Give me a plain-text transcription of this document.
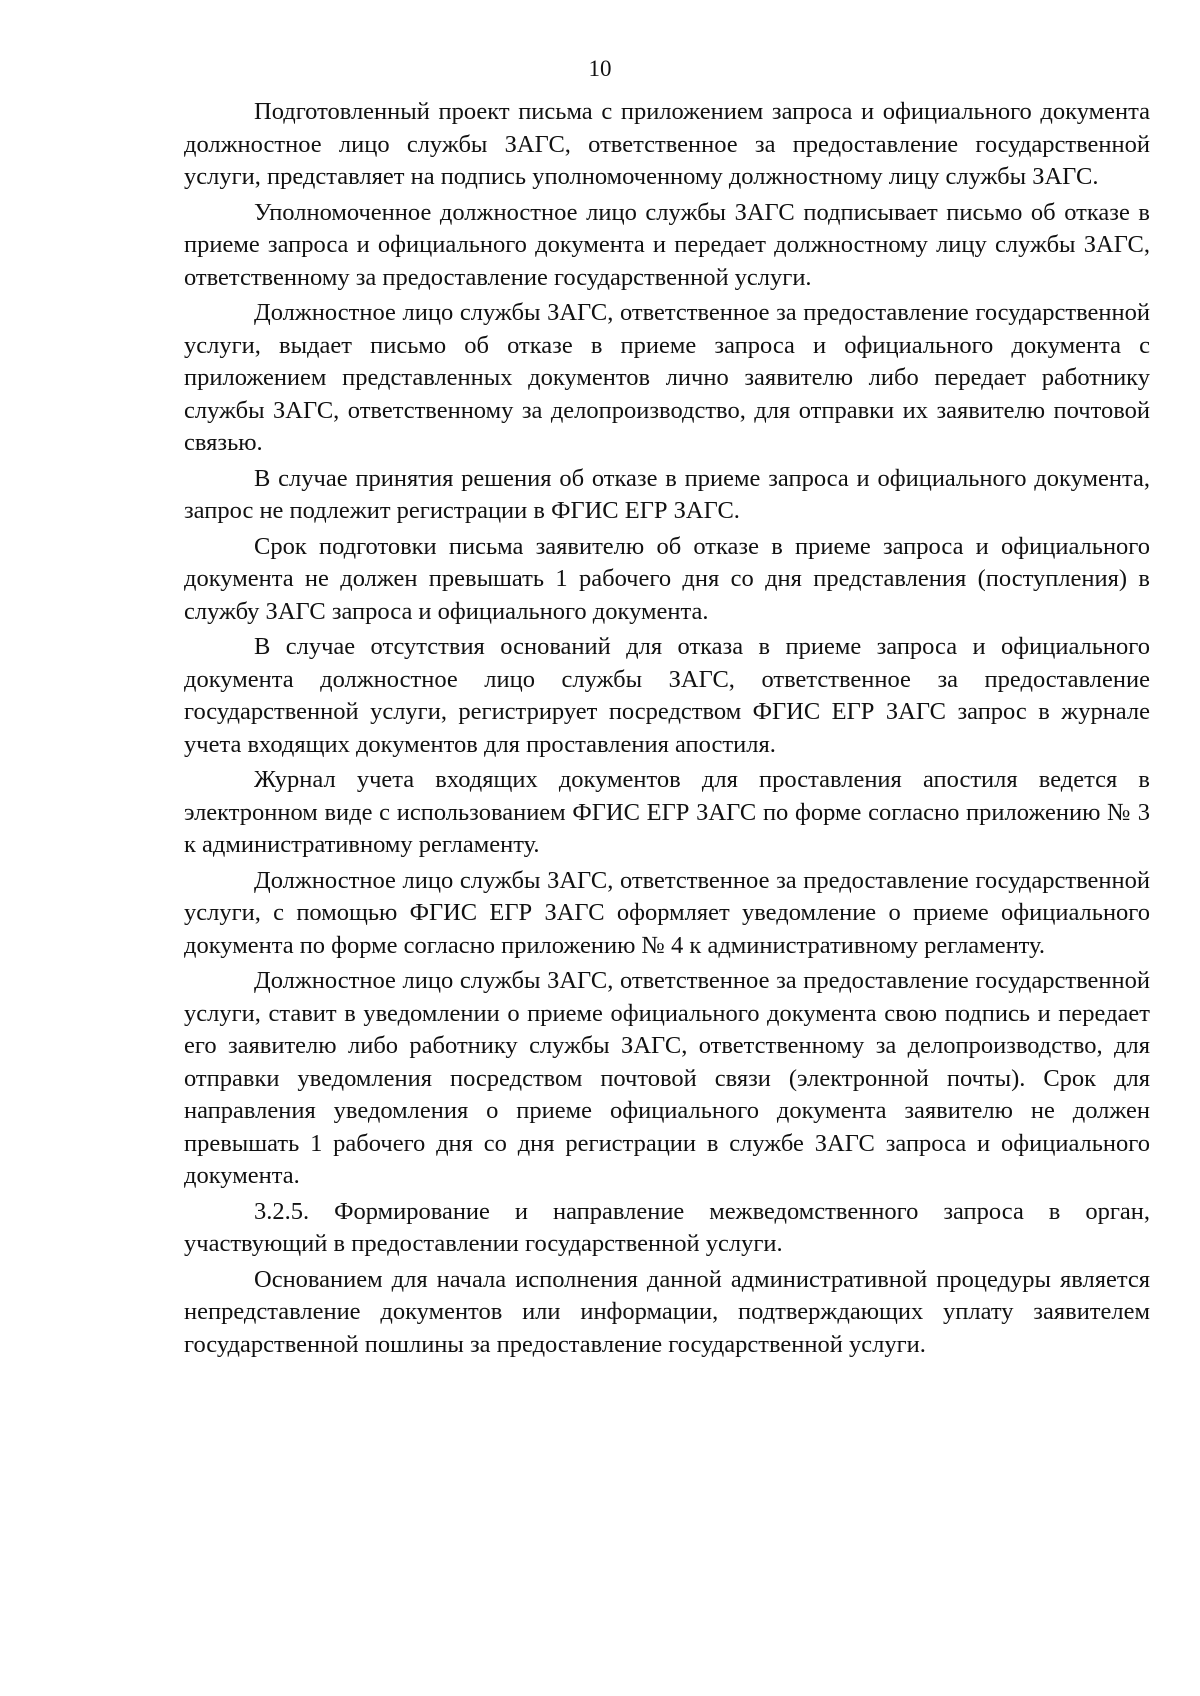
10

Подготовленный проект письма с приложением запроса и официального документа должностное лицо службы ЗАГС, ответственное за предоставление государственной услуги, представляет на подпись уполномоченному должностному лицу службы ЗАГС.

Уполномоченное должностное лицо службы ЗАГС подписывает письмо об отказе в приеме запроса и официального документа и передает должностному лицу службы ЗАГС, ответственному за предоставление государственной услуги.

Должностное лицо службы ЗАГС, ответственное за предоставление государственной услуги, выдает письмо об отказе в приеме запроса и официального документа с приложением представленных документов лично заявителю либо передает работнику службы ЗАГС, ответственному за делопроизводство, для отправки их заявителю почтовой связью.

В случае принятия решения об отказе в приеме запроса и официального документа, запрос не подлежит регистрации в ФГИС ЕГР ЗАГС.

Срок подготовки письма заявителю об отказе в приеме запроса и официального документа не должен превышать 1 рабочего дня со дня представления (поступления) в службу ЗАГС запроса и официального документа.

В случае отсутствия оснований для отказа в приеме запроса и официального документа должностное лицо службы ЗАГС, ответственное за предоставление государственной услуги, регистрирует посредством ФГИС ЕГР ЗАГС запрос в журнале учета входящих документов для проставления апостиля.

Журнал учета входящих документов для проставления апостиля ведется в электронном виде с использованием ФГИС ЕГР ЗАГС по форме согласно приложению № 3 к административному регламенту.

Должностное лицо службы ЗАГС, ответственное за предоставление государственной услуги, с помощью ФГИС ЕГР ЗАГС оформляет уведомление о приеме официального документа по форме согласно приложению № 4 к административному регламенту.

Должностное лицо службы ЗАГС, ответственное за предоставление государственной услуги, ставит в уведомлении о приеме официального документа свою подпись и передает его заявителю либо работнику службы ЗАГС, ответственному за делопроизводство, для отправки уведомления посредством почтовой связи (электронной почты). Срок для направления уведомления о приеме официального документа заявителю не должен превышать 1 рабочего дня со дня регистрации в службе ЗАГС запроса и официального документа.

3.2.5. Формирование и направление межведомственного запроса в орган, участвующий в предоставлении государственной услуги.

Основанием для начала исполнения данной административной процедуры является непредставление документов или информации, подтверждающих уплату заявителем государственной пошлины за предоставление государственной услуги.
